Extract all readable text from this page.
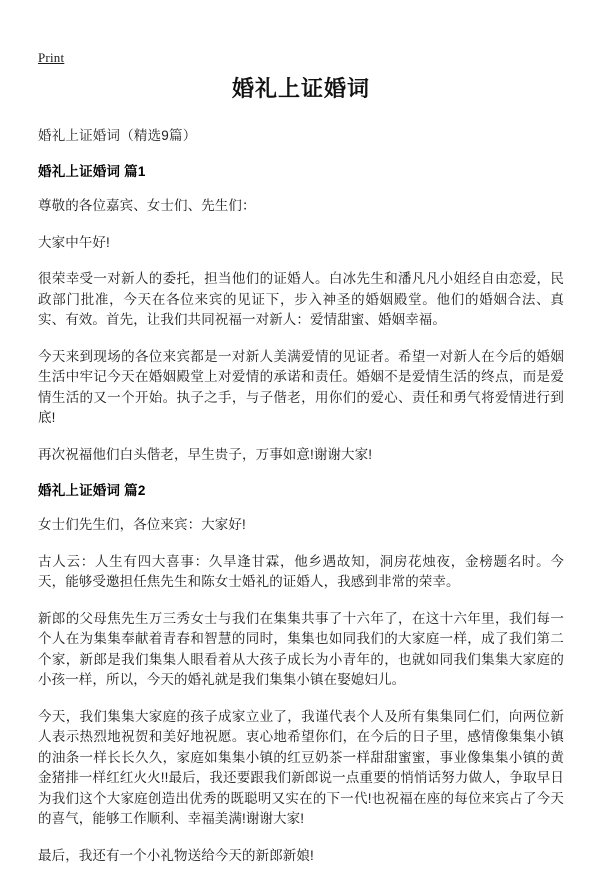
Print
婚礼上证婚词
婚礼上证婚词（精选9篇）
婚礼上证婚词 篇1

尊敬的各位嘉宾、女士们、先生们：

大家中午好!

很荣幸受一对新人的委托，担当他们的证婚人。白冰先生和潘凡凡小姐经自由恋爱，民政部门批准，今天在各位来宾的见证下，步入神圣的婚姻殿堂。他们的婚姻合法、真实、有效。首先，让我们共同祝福一对新人：爱情甜蜜、婚姻幸福。

今天来到现场的各位来宾都是一对新人美满爱情的见证者。希望一对新人在今后的婚姻生活中牢记今天在婚姻殿堂上对爱情的承诺和责任。婚姻不是爱情生活的终点，而是爱情生活的又一个开始。执子之手，与子偕老，用你们的爱心、责任和勇气将爱情进行到底!

再次祝福他们白头偕老，早生贵子，万事如意!谢谢大家!

婚礼上证婚词 篇2

女士们先生们，各位来宾：大家好!

古人云：人生有四大喜事：久旱逢甘霖，他乡遇故知，洞房花烛夜，金榜题名时。今天，能够受邀担任焦先生和陈女士婚礼的证婚人，我感到非常的荣幸。

新郎的父母焦先生万三秀女士与我们在集集共事了十六年了，在这十六年里，我们每一个人在为集集奉献着青春和智慧的同时，集集也如同我们的大家庭一样，成了我们第二个家，新郎是我们集集人眼看着从大孩子成长为小青年的，也就如同我们集集大家庭的小孩一样，所以，今天的婚礼就是我们集集小镇在娶媳妇儿。

今天，我们集集大家庭的孩子成家立业了，我谨代表个人及所有集集同仁们，向两位新人表示热烈地祝贺和美好地祝愿。衷心地希望你们，在今后的日子里，感情像集集小镇的油条一样长长久久，家庭如集集小镇的红豆奶茶一样甜甜蜜蜜，事业像集集小镇的黄金猪排一样红红火火!!最后，我还要跟我们新郎说一点重要的悄悄话努力做人，争取早日为我们这个大家庭创造出优秀的既聪明又实在的下一代!也祝福在座的每位来宾占了今天的喜气，能够工作顺利、幸福美满!谢谢大家!

最后，我还有一个小礼物送给今天的新郎新娘!
